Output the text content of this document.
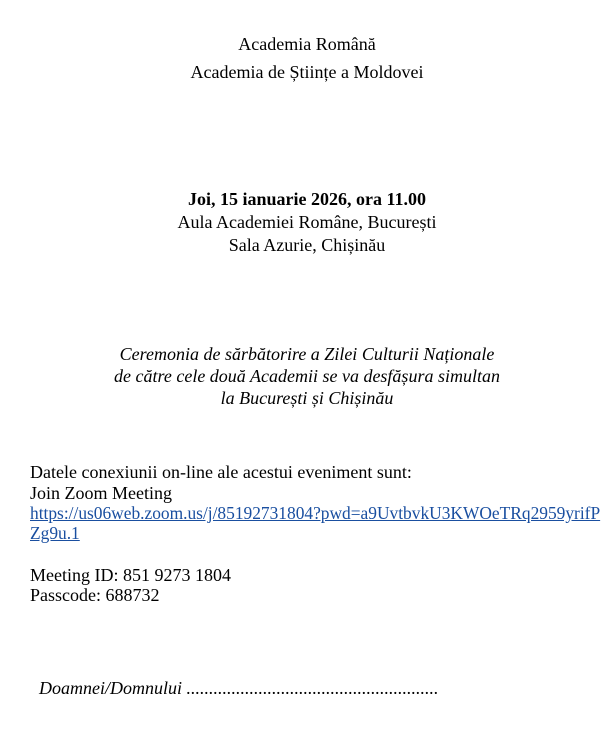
Academia Română
Academia de Științe a Moldovei
Joi, 15 ianuarie 2026, ora 11.00
Aula Academiei Române, București
Sala Azurie, Chișinău
Ceremonia de sărbătorire a Zilei Culturii Naționale
de către cele două Academii se va desfășura simultan
la București și Chișinău
Datele conexiunii on-line ale acestui eveniment sunt:
Join Zoom Meeting
https://us06web.zoom.us/j/85192731804?pwd=a9UvtbvkU3KWOeTRq2959yrifP
Zg9u.1
Meeting ID: 851 9273 1804
Passcode: 688732
Doamnei/Domnului ........................................................
